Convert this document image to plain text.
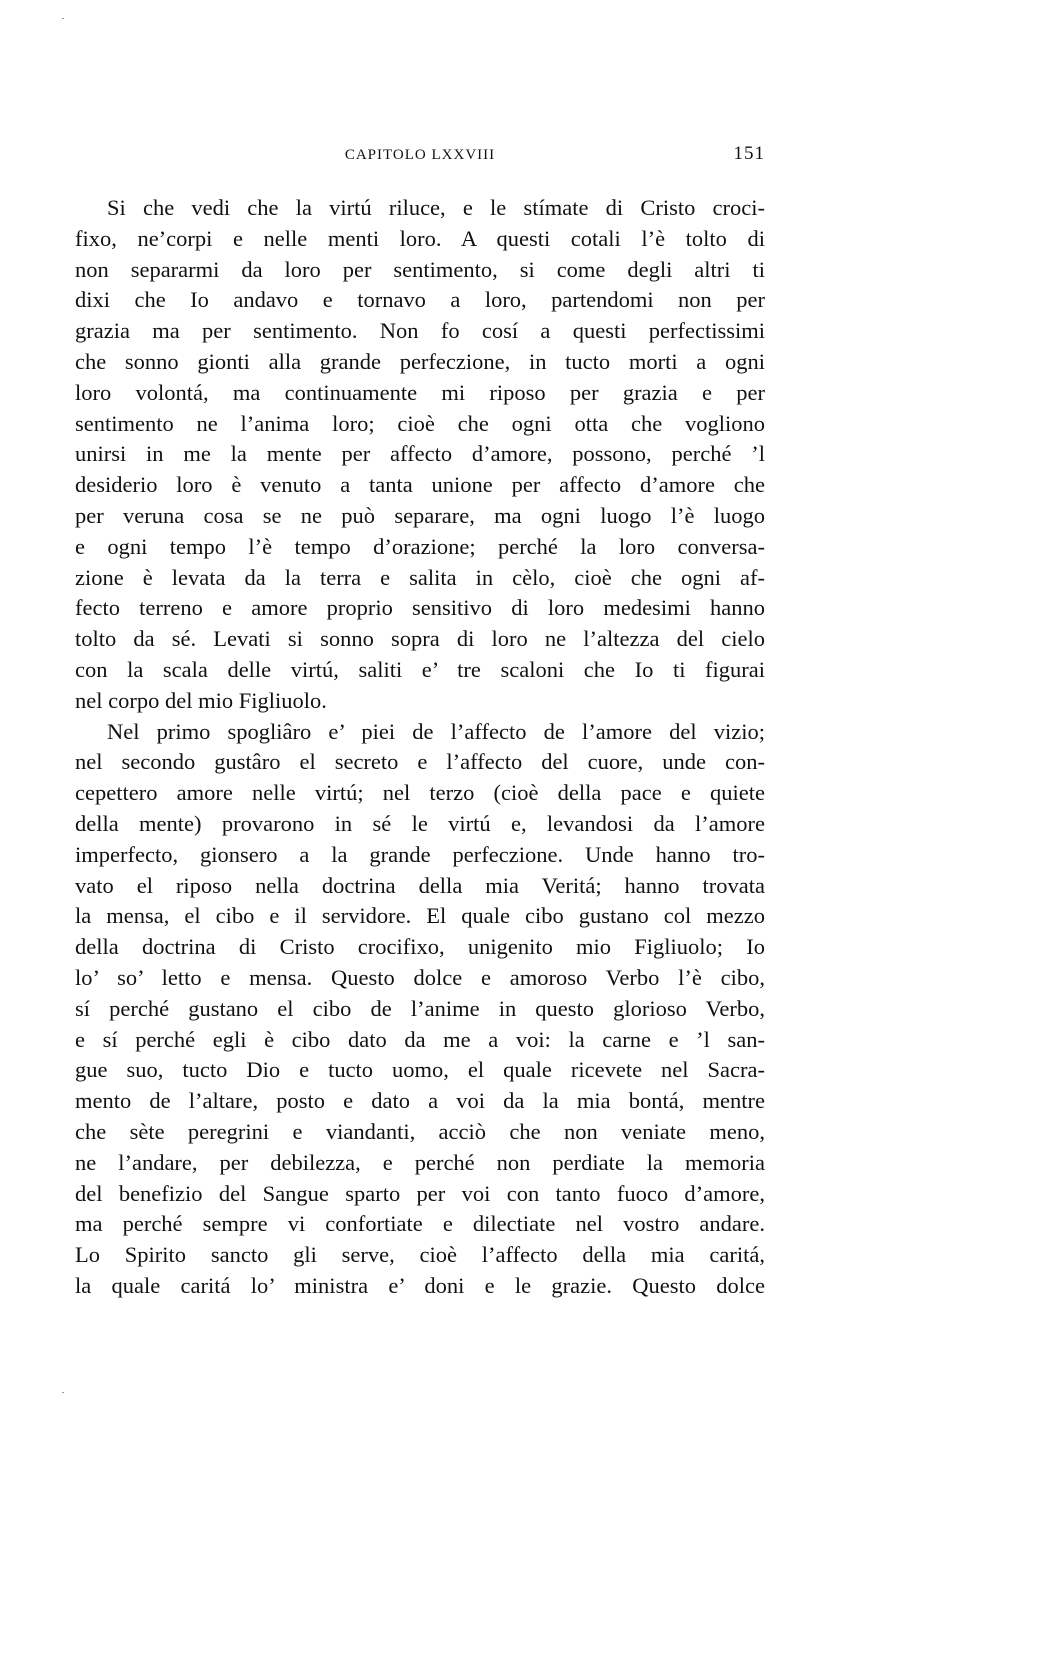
CAPITOLO LXXVIII	151
Si che vedi che la virtú riluce, e le stímate di Cristo croci-
fixo, ne’corpi e nelle menti loro. A questi cotali l’è tolto di
non separarmi da loro per sentimento, si come degli altri ti
dixi che Io andavo e tornavo a loro, partendomi non per
grazia ma per sentimento. Non fo cosí a questi perfectissimi
che sonno gionti alla grande perfeczione, in tucto morti a ogni
loro volontá, ma continuamente mi riposo per grazia e per
sentimento ne l’anima loro; cioè che ogni otta che vogliono
unirsi in me la mente per affecto d’amore, possono, perché ’l
desiderio loro è venuto a tanta unione per affecto d’amore che
per veruna cosa se ne può separare, ma ogni luogo l’è luogo
e ogni tempo l’è tempo d’orazione; perché la loro conversa-
zione è levata da la terra e salita in cèlo, cioè che ogni af-
fecto terreno e amore proprio sensitivo di loro medesimi hanno
tolto da sé. Levati si sonno sopra di loro ne l’altezza del cielo
con la scala delle virtú, saliti e’ tre scaloni che Io ti figurai
nel corpo del mio Figliuolo.
Nel primo spogliâro e’ piei de l’affecto de l’amore del vizio;
nel secondo gustâro el secreto e l’affecto del cuore, unde con-
cepettero amore nelle virtú; nel terzo (cioè della pace e quiete
della mente) provarono in sé le virtú e, levandosi da l’amore
imperfecto, gionsero a la grande perfeczione. Unde hanno tro-
vato el riposo nella doctrina della mia Veritá; hanno trovata
la mensa, el cibo e il servidore. El quale cibo gustano col mezzo
della doctrina di Cristo crocifixo, unigenito mio Figliuolo; Io
lo’ so’ letto e mensa. Questo dolce e amoroso Verbo l’è cibo,
sí perché gustano el cibo de l’anime in questo glorioso Verbo,
e sí perché egli è cibo dato da me a voi: la carne e ’l san-
gue suo, tucto Dio e tucto uomo, el quale ricevete nel Sacra-
mento de l’altare, posto e dato a voi da la mia bontá, mentre
che sète peregrini e viandanti, acciò che non veniate meno,
ne l’andare, per debilezza, e perché non perdiate la memoria
del benefizio del Sangue sparto per voi con tanto fuoco d’amore,
ma perché sempre vi confortiate e dilectiate nel vostro andare.
Lo Spirito sancto gli serve, cioè l’affecto della mia caritá,
la quale caritá lo’ ministra e’ doni e le grazie. Questo dolce
